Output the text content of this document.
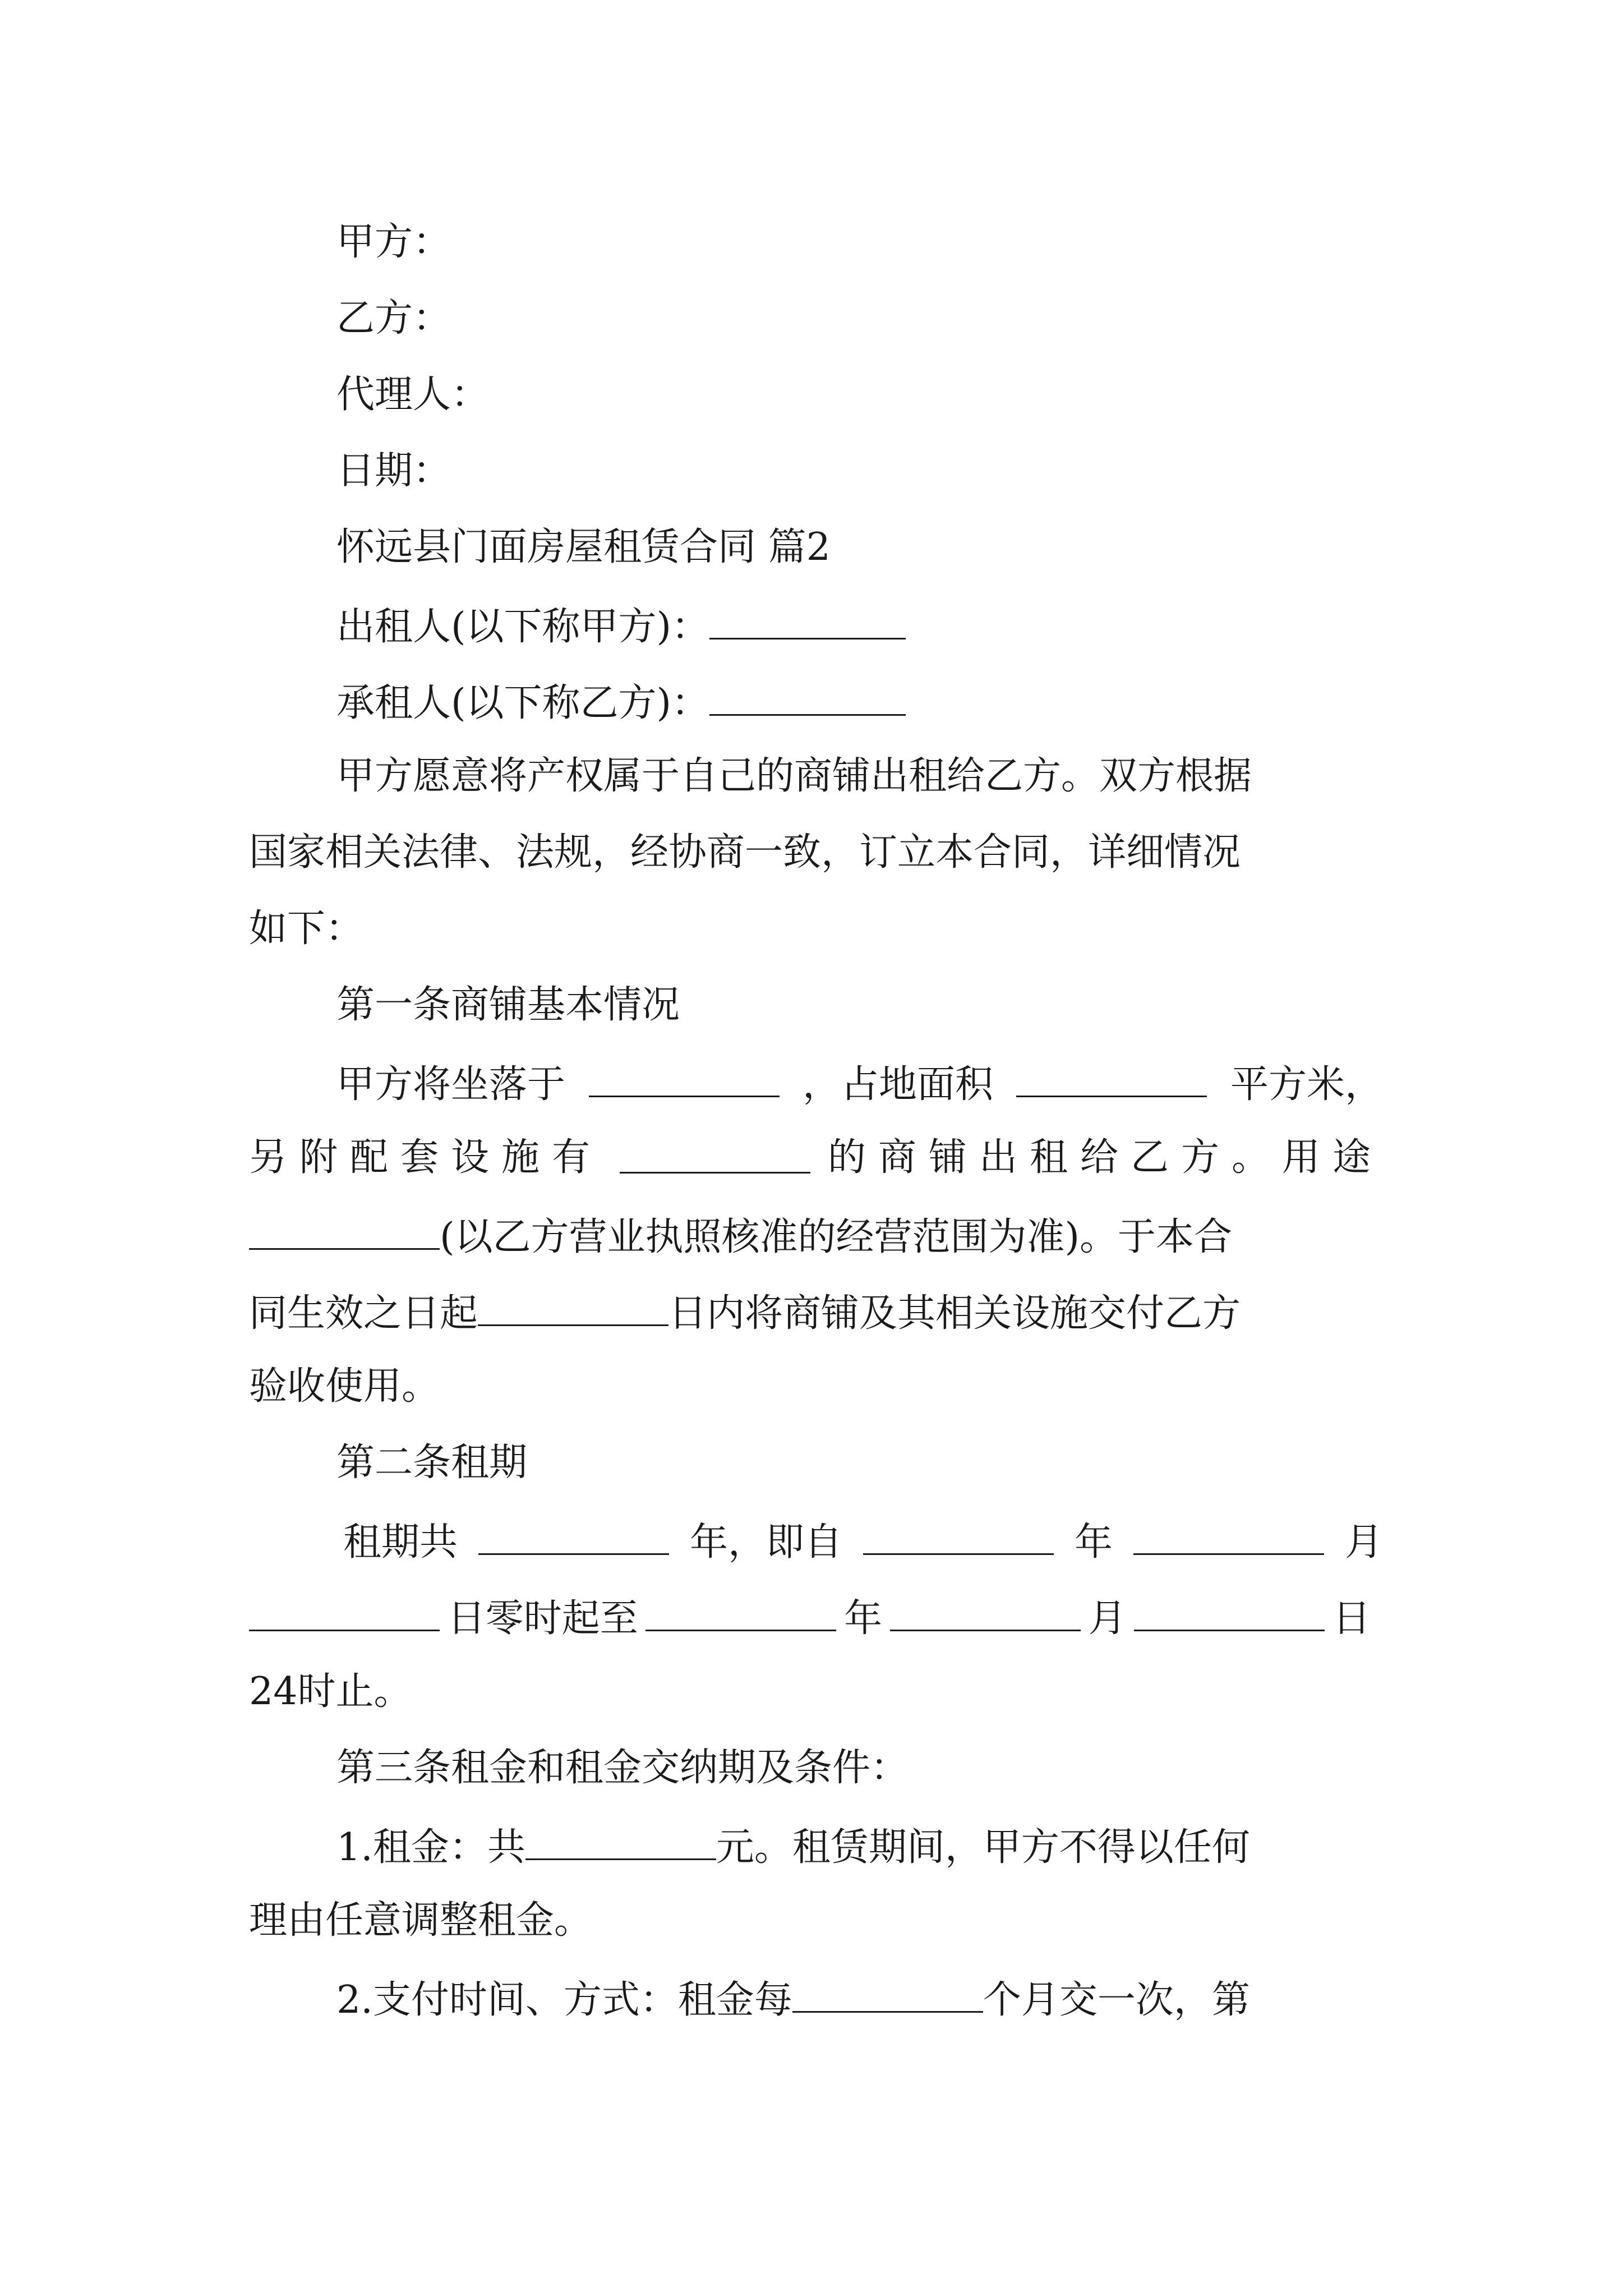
甲方：
乙方：
代理人：
日期：
怀远县门面房屋租赁合同 篇2
出租人(以下称甲方)：
承租人(以下称乙方)：
甲方愿意将产权属于自己的商铺出租给乙方。双方根据
国家相关法律、法规，经协商一致，订立本合同，详细情况
如下：
第一条商铺基本情况
甲方将坐落于	，占地面积	平方米，
另附配套设施有	的商铺出租给乙方。用途
(以乙方营业执照核准的经营范围为准)。于本合
同生效之日起	日内将商铺及其相关设施交付乙方
验收使用。
第二条租期
租期共	年，即自	年	月
日零时起至	年	月	日
24时止。
第三条租金和租金交纳期及条件：
1.租金：共	元。租赁期间，甲方不得以任何
理由任意调整租金。
2.支付时间、方式：租金每	个月交一次，第
